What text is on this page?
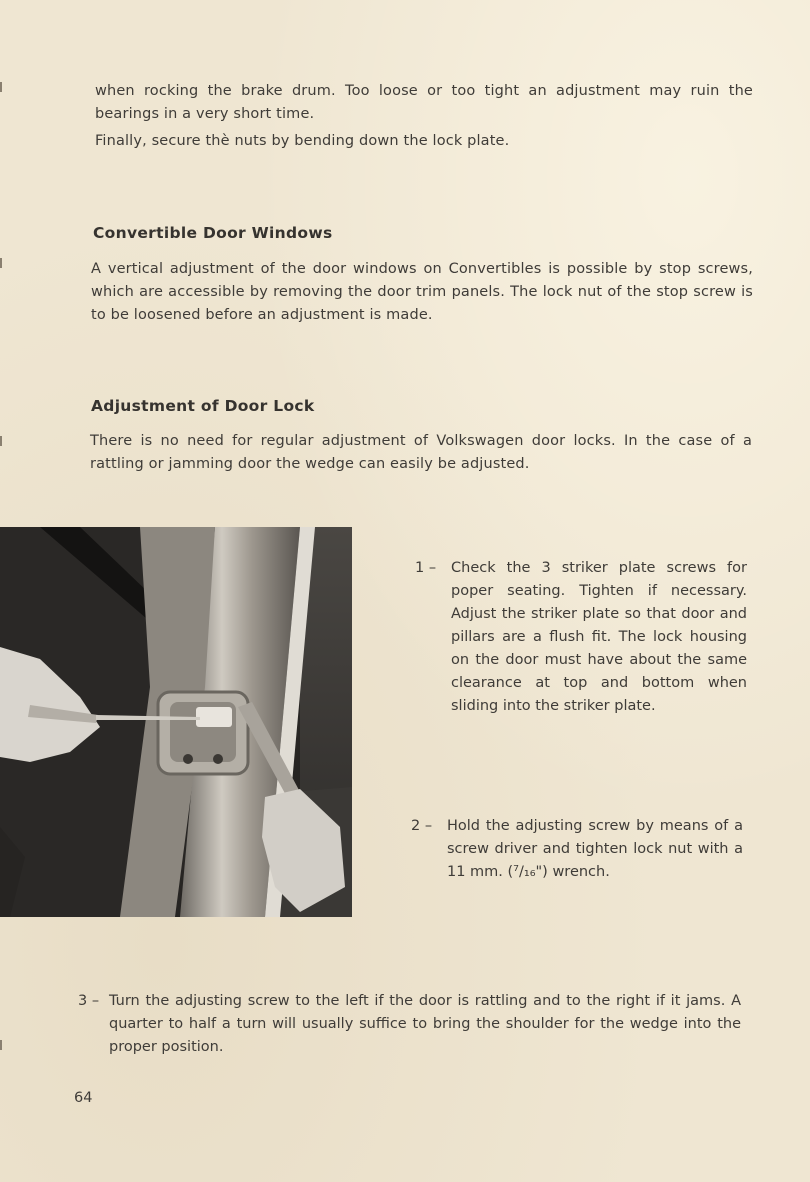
when rocking the brake drum. Too loose or too tight an adjustment may ruin the bearings in a very short time.
Finally, secure thè nuts by bending down the lock plate.
Convertible Door Windows
A vertical adjustment of the door windows on Convertibles is possible by stop screws, which are accessible by removing the door trim panels. The lock nut of the stop screw is to be loosened before an adjustment is made.
Adjustment of Door Lock
There is no need for regular adjustment of Volkswagen door locks. In the case of a rattling or jamming door the wedge can easily be adjusted.
1 – Check the 3 striker plate screws for poper seating. Tighten if necessary. Adjust the striker plate so that door and pillars are a flush fit. The lock housing on the door must have about the same clearance at top and bottom when sliding into the striker plate.
2 – Hold the adjusting screw by means of a screw driver and tighten lock nut with a 11 mm. (⁷/₁₆") wrench.
3 – Turn the adjusting screw to the left if the door is rattling and to the right if it jams. A quarter to half a turn will usually suffice to bring the shoulder for the wedge into the proper position.
64
